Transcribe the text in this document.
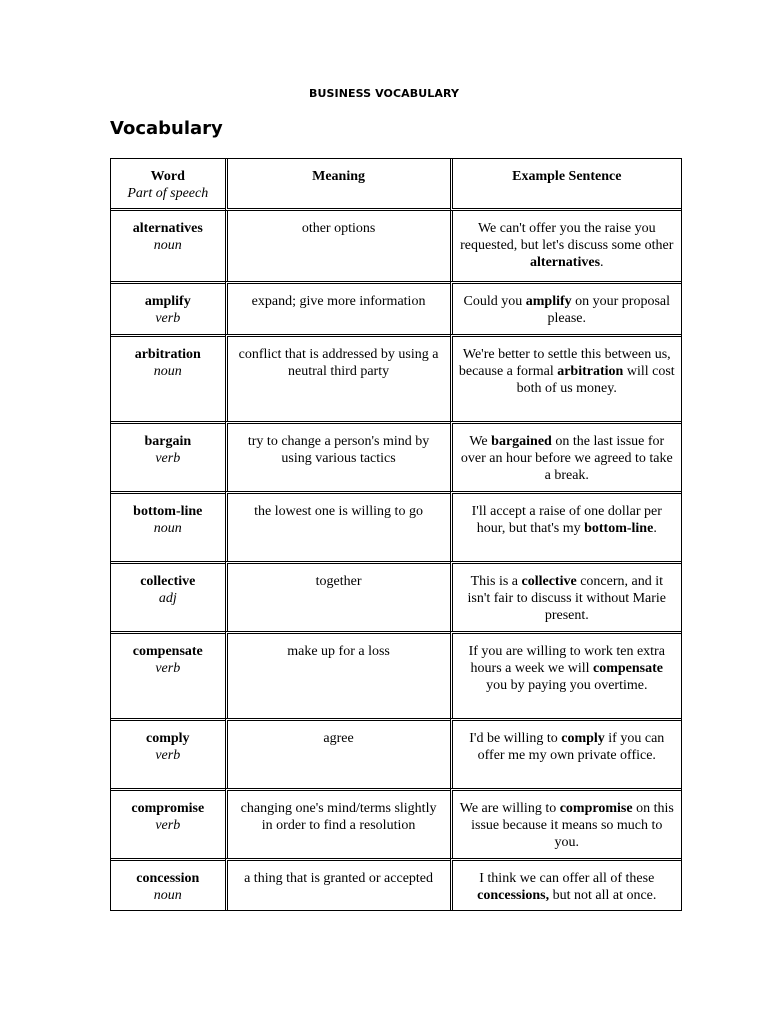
BUSINESS VOCABULARY
Vocabulary
Word
Part of speech	Meaning	Example Sentence

alternatives
noun	other options	We can't offer you the raise you requested, but let's discuss some other alternatives.

amplify
verb	expand; give more information	Could you amplify on your proposal please.

arbitration
noun	conflict that is addressed by using a neutral third party	We're better to settle this between us, because a formal arbitration will cost both of us money.

bargain
verb	try to change a person's mind by using various tactics	We bargained on the last issue for over an hour before we agreed to take a break.

bottom-line
noun	the lowest one is willing to go	I'll accept a raise of one dollar per hour, but that's my bottom-line.

collective
adj	together	This is a collective concern, and it isn't fair to discuss it without Marie present.

compensate
verb	make up for a loss	If you are willing to work ten extra hours a week we will compensate you by paying you overtime.

comply
verb	agree	I'd be willing to comply if you can offer me my own private office.

compromise
verb	changing one's mind/terms slightly in order to find a resolution	We are willing to compromise on this issue because it means so much to you.

concession
noun	a thing that is granted or accepted	I think we can offer all of these concessions, but not all at once.
